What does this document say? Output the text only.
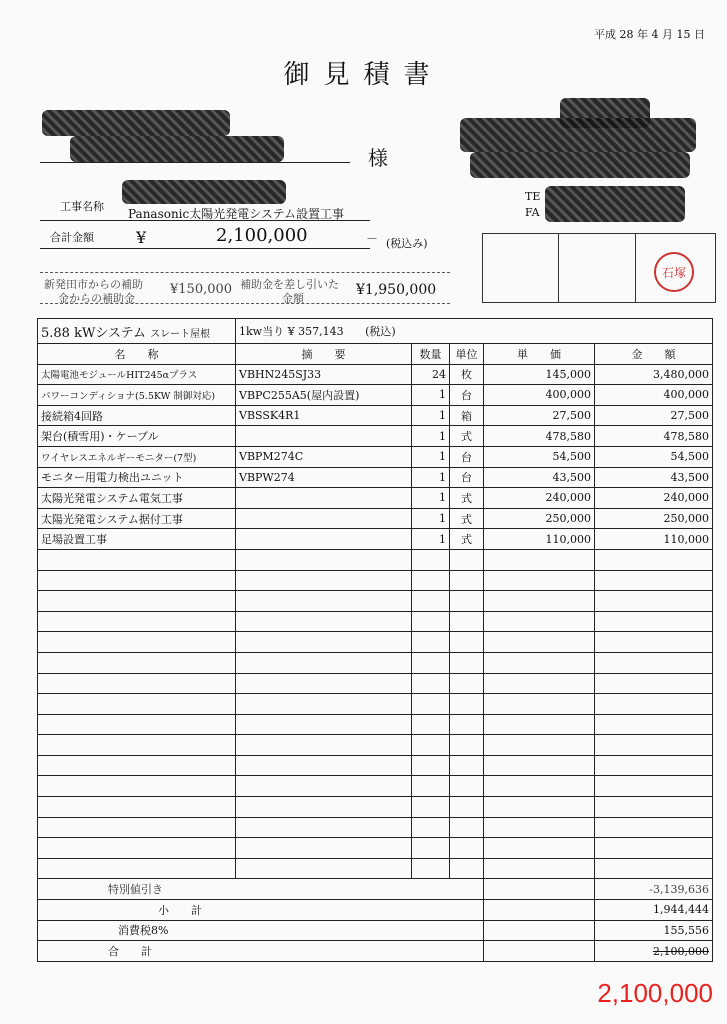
平成 28 年 4 月 15 日
御見積書
様
TE
FA
工事名称
Panasonic太陽光発電システム設置工事
合計金額	¥	2,100,000	－ (税込み)
新発田市からの補助
金からの補助金
¥150,000 補助金を差し引いた
金額
¥1,950,000
石塚
5.88 kWシステム スレート屋根	1kw当り ¥ 357,143 (税込)				
名　　称	摘　　要	数量	単位	単　　価	金　　額
太陽電池モジュールHIT245αプラス	VBHN245SJ33	24	枚	145,000	3,480,000
パワーコンディショナ(5.5KW 制御対応)	VBPC255A5(屋内設置)	1	台	400,000	400,000
接続箱4回路	VBSSK4R1	1	箱	27,500	27,500
架台(積雪用)・ケーブル		1	式	478,580	478,580
ワイヤレスエネルギーモニター(7型)	VBPM274C	1	台	54,500	54,500
モニター用電力検出ユニット	VBPW274	1	台	43,500	43,500
太陽光発電システム電気工事		1	式	240,000	240,000
太陽光発電システム据付工事		1	式	250,000	250,000
足場設置工事		1	式	110,000	110,000

特別値引き					-3,139,636
小　　計					1,944,444
消費税8%					155,556
合　　計					2,100,000
2,100,000
